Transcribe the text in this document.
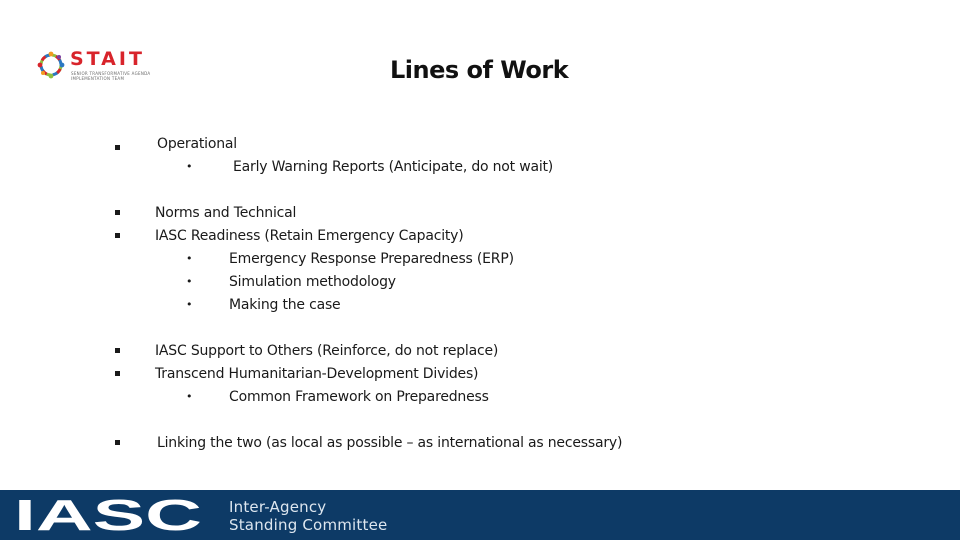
STAIT
SENIOR TRANSFORMATIVE AGENDA
IMPLEMENTATION TEAM	Lines of Work
Operational
•	Early Warning Reports (Anticipate, do not wait)
Norms and Technical
IASC Readiness (Retain Emergency Capacity)
•	Emergency Response Preparedness (ERP)
•	Simulation methodology
•	Making the case
IASC Support to Others (Reinforce, do not replace)
Transcend Humanitarian-Development Divides)
•	Common Framework on Preparedness
Linking the two (as local as possible – as international as necessary)
IASC Inter-Agency
Standing Committee
